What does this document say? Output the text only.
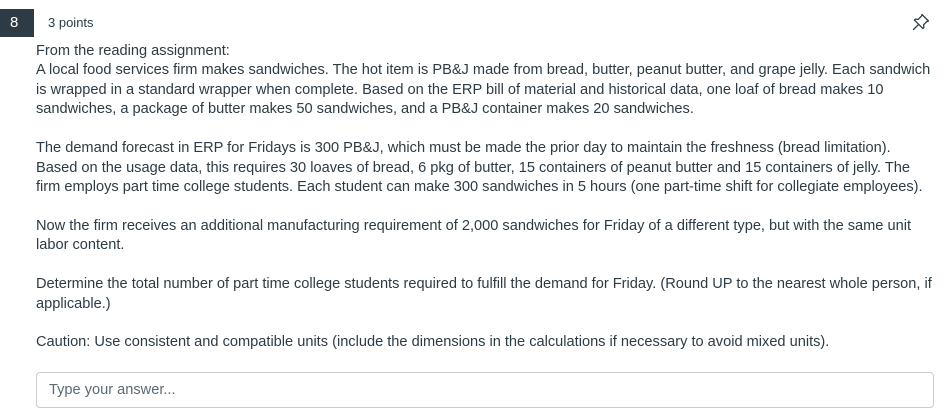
8	3 points

From the reading assignment:

A local food services firm makes sandwiches. The hot item is PB&J made from bread, butter, peanut butter, and grape jelly. Each sandwich is wrapped in a standard wrapper when complete. Based on the ERP bill of material and historical data, one loaf of bread makes 10 sandwiches, a package of butter makes 50 sandwiches, and a PB&J container makes 20 sandwiches.

The demand forecast in ERP for Fridays is 300 PB&J, which must be made the prior day to maintain the freshness (bread limitation). Based on the usage data, this requires 30 loaves of bread, 6 pkg of butter, 15 containers of peanut butter and 15 containers of jelly. The firm employs part time college students. Each student can make 300 sandwiches in 5 hours (one part-time shift for collegiate employees).

Now the firm receives an additional manufacturing requirement of 2,000 sandwiches for Friday of a different type, but with the same unit labor content.

Determine the total number of part time college students required to fulfill the demand for Friday. (Round UP to the nearest whole person, if applicable.)

Caution: Use consistent and compatible units (include the dimensions in the calculations if necessary to avoid mixed units).

Type your answer...
